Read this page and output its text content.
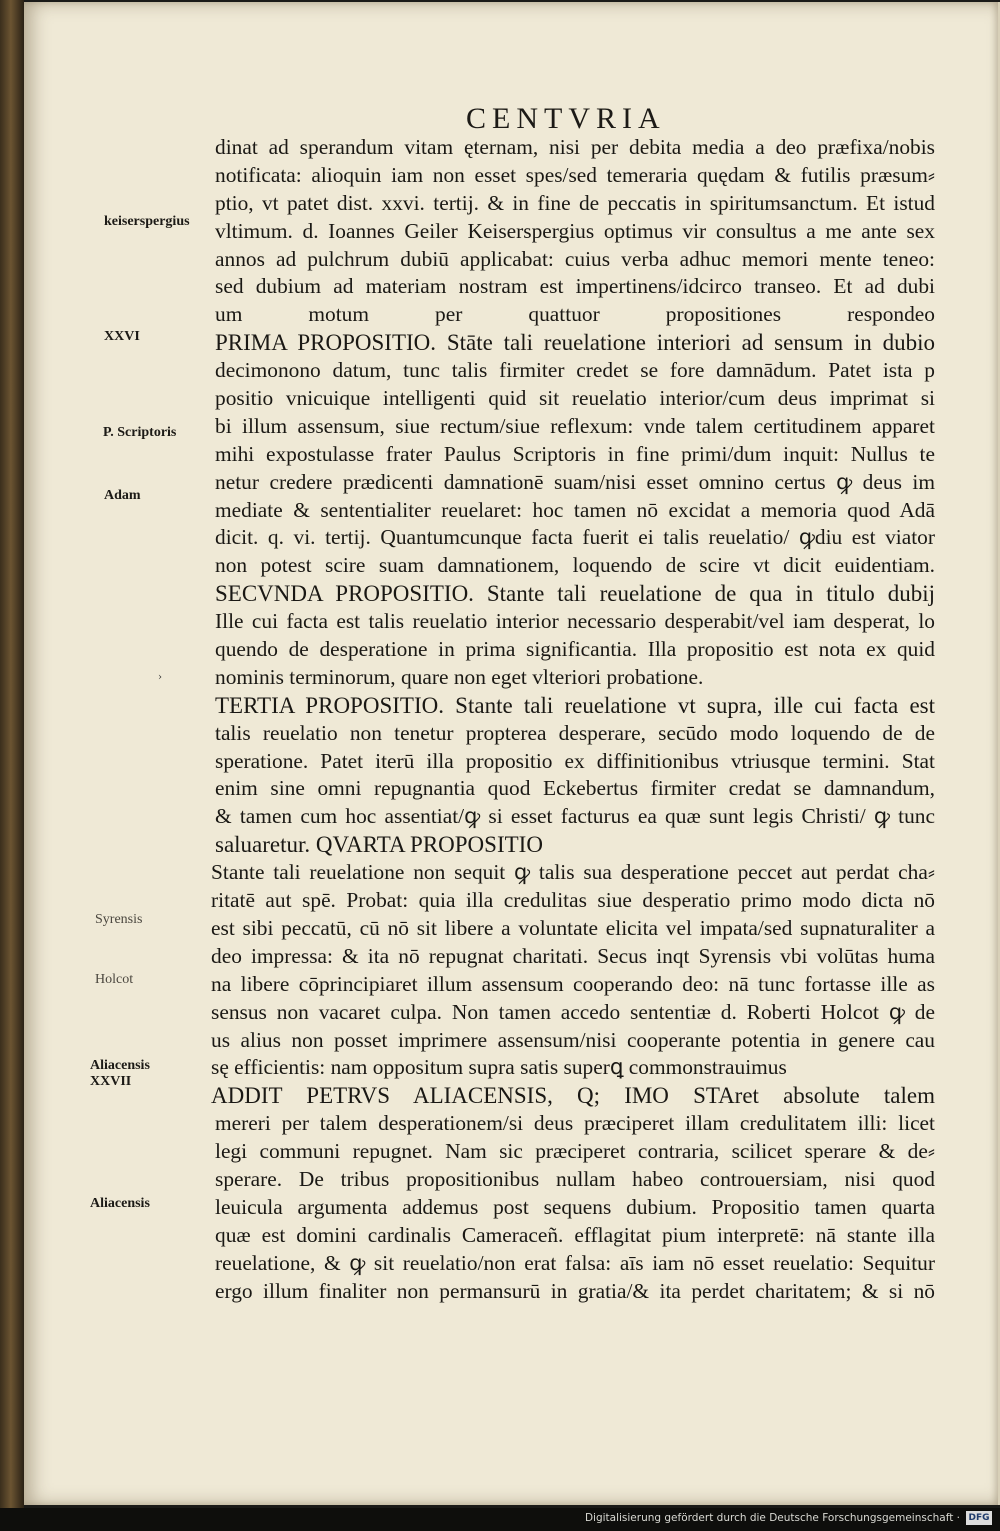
CENTVRIA
dinat ad sperandum vitam ęternam, nisi per debita media a deo præfixa/nobis
notificata: alioquin iam non esset spes/sed temeraria quędam & futilis præsum⸗
ptio, vt patet dist. xxvi. tertij. & in fine de peccatis in spiritumsanctum. Et istud
vltimum. d. Ioannes Geiler Keiserspergius optimus vir consultus a me ante sex
annos ad pulchrum dubiū applicabat: cuius verba adhuc memori mente teneo:
sed dubium ad materiam nostram est impertinens/idcirco transeo. Et ad dubi
um motum per quattuor propositiones respondeo
PRIMA PROPOSITIO. Stāte tali reuelatione interiori ad sensum in dubio
decimonono datum, tunc talis firmiter credet se fore damnādum. Patet ista p
positio vnicuique intelligenti quid sit reuelatio interior/cum deus imprimat si
bi illum assensum, siue rectum/siue reflexum: vnde talem certitudinem apparet
mihi expostulasse frater Paulus Scriptoris in fine primi/dum inquit: Nullus te
netur credere prædicenti damnationē suam/nisi esset omnino certus ꝙ deus im
mediate & sententialiter reuelaret: hoc tamen nō excidat a memoria quod Adā
dicit. q. vi. tertij. Quantumcunque facta fuerit ei talis reuelatio/ ꝙdiu est viator
non potest scire suam damnationem, loquendo de scire vt dicit euidentiam.
SECVNDA PROPOSITIO. Stante tali reuelatione de qua in titulo dubij
Ille cui facta est talis reuelatio interior necessario desperabit/vel iam desperat, lo
quendo de desperatione in prima significantia. Illa propositio est nota ex quid
nominis terminorum, quare non eget vlteriori probatione.
TERTIA PROPOSITIO. Stante tali reuelatione vt supra, ille cui facta est
talis reuelatio non tenetur propterea desperare, secūdo modo loquendo de de
speratione. Patet iterū illa propositio ex diffinitionibus vtriusque termini. Stat
enim sine omni repugnantia quod Eckebertus firmiter credat se damnandum,
& tamen cum hoc assentiat/ꝙ si esset facturus ea quæ sunt legis Christi/ ꝙ tunc
saluaretur. QVARTA PROPOSITIO
Stante tali reuelatione non sequit ꝙ talis sua desperatione peccet aut perdat cha⸗
ritatē aut spē. Probat: quia illa credulitas siue desperatio primo modo dicta nō
est sibi peccatū, cū nō sit libere a voluntate elicita vel impata/sed supnaturaliter a
deo impressa: & ita nō repugnat charitati. Secus inqt Syrensis vbi volūtas huma
na libere cōprincipiaret illum assensum cooperando deo: nā tunc fortasse ille as
sensus non vacaret culpa. Non tamen accedo sententiæ d. Roberti Holcot ꝙ de
us alius non posset imprimere assensum/nisi cooperante potentia in genere cau
sę efficientis: nam oppositum supra satis superꝗ commonstrauimus
ADDIT PETRVS ALIACENSIS, Q; IMO STAret absolute talem
mereri per talem desperationem/si deus præciperet illam credulitatem illi: licet
legi communi repugnet. Nam sic præciperet contraria, scilicet sperare & de⸗
sperare. De tribus propositionibus nullam habeo controuersiam, nisi quod
leuicula argumenta addemus post sequens dubium. Propositio tamen quarta
quæ est domini cardinalis Cameraceñ. efflagitat pium interpretē: nā stante illa
reuelatione, & ꝙ sit reuelatio/non erat falsa: aīs iam nō esset reuelatio: Sequitur
ergo illum finaliter non permansurū in gratia/& ita perdet charitatem; & si nō
keiserspergius
XXVI
P. Scriptoris
Adam
›
Syrensis
Holcot
Aliacensis
XXVII
Aliacensis
Digitalisierung gefördert durch die Deutsche Forschungsgemeinschaft · DFG
